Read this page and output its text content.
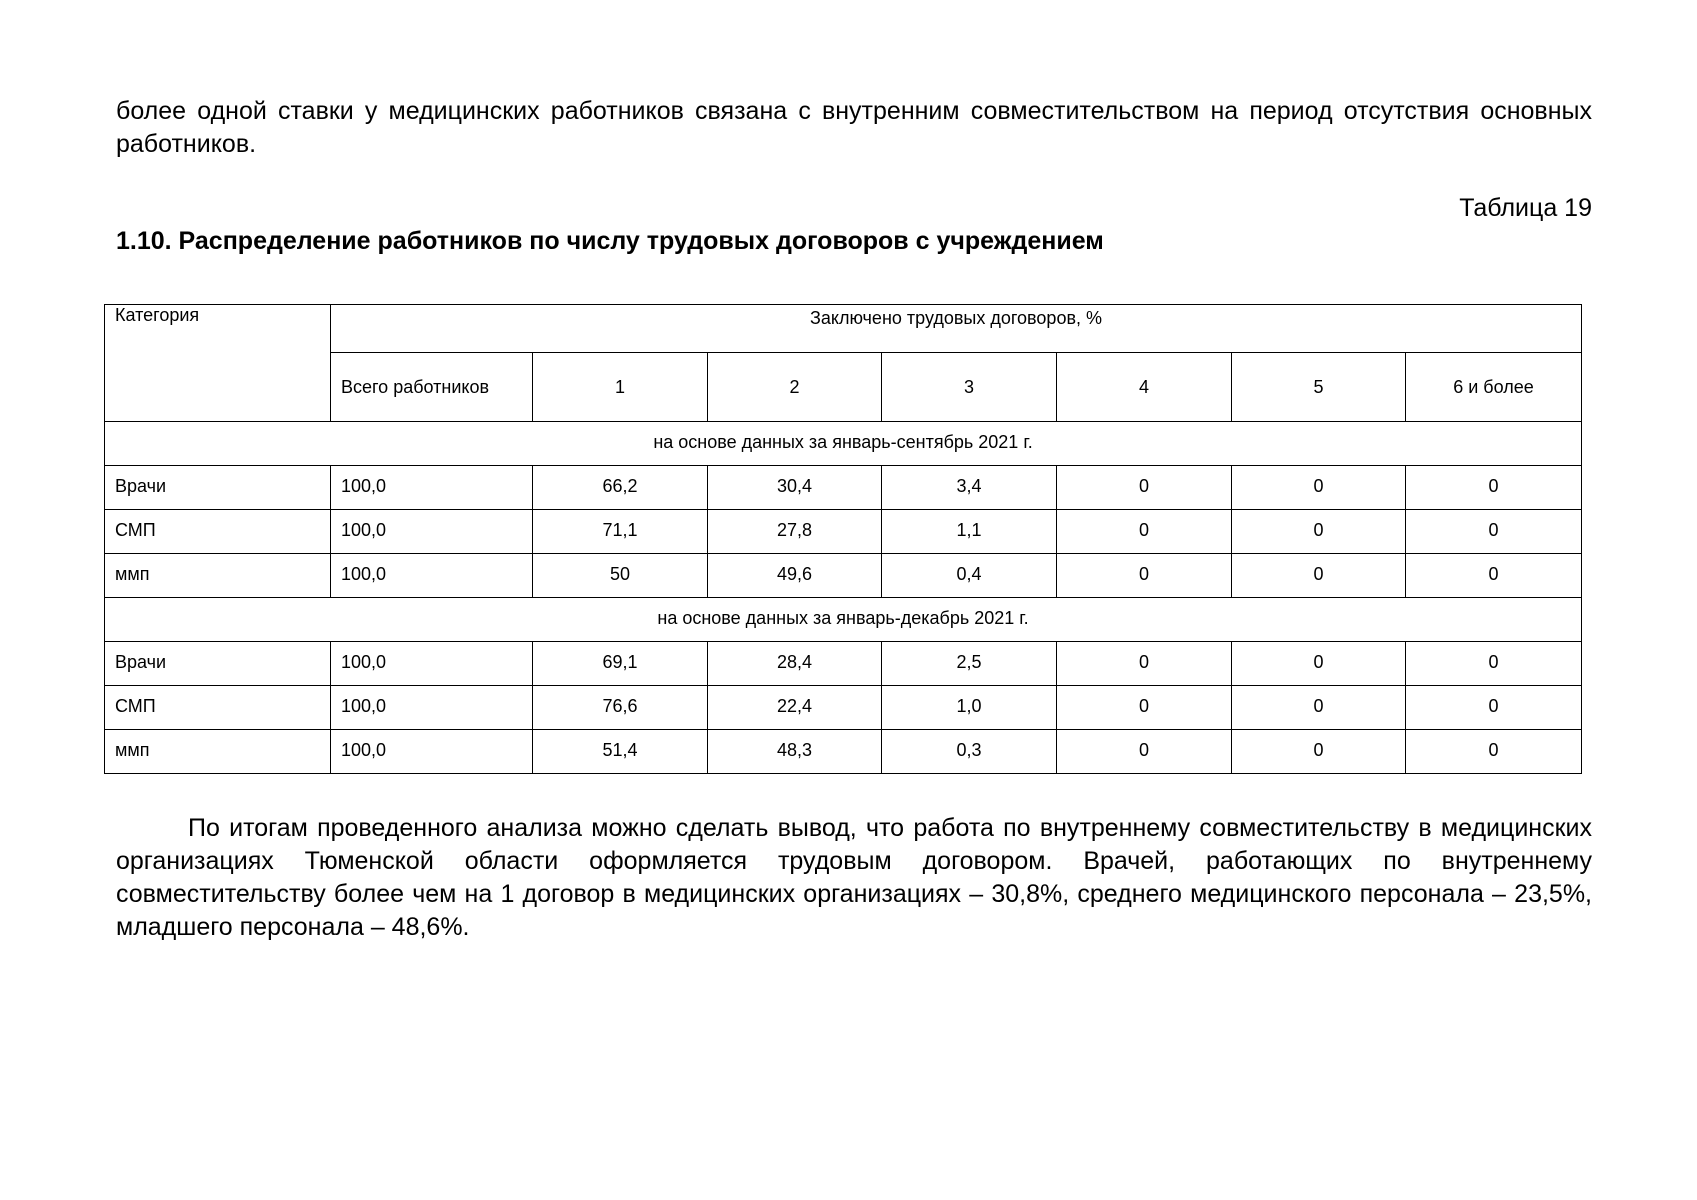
более одной ставки у медицинских работников связана с внутренним совместительством на период отсутствия основных работников.

Таблица 19
1.10. Распределение работников по числу трудовых договоров с учреждением
Категория	Заключено трудовых договоров, %						
	Всего работников	1	2	3	4	5	6 и более
на основе данных за январь-сентябрь 2021 г.							
Врачи	100,0	66,2	30,4	3,4	0	0	0
СМП	100,0	71,1	27,8	1,1	0	0	0
ммп	100,0	50	49,6	0,4	0	0	0
на основе данных за январь-декабрь 2021 г.							
Врачи	100,0	69,1	28,4	2,5	0	0	0
СМП	100,0	76,6	22,4	1,0	0	0	0
ммп	100,0	51,4	48,3	0,3	0	0	0

По итогам проведенного анализа можно сделать вывод, что работа по внутреннему совместительству в медицинских организациях Тюменской области оформляется трудовым договором. Врачей, работающих по внутреннему совместительству более чем на 1 договор в медицинских организациях – 30,8%, среднего медицинского персонала – 23,5%, младшего персонала – 48,6%.
